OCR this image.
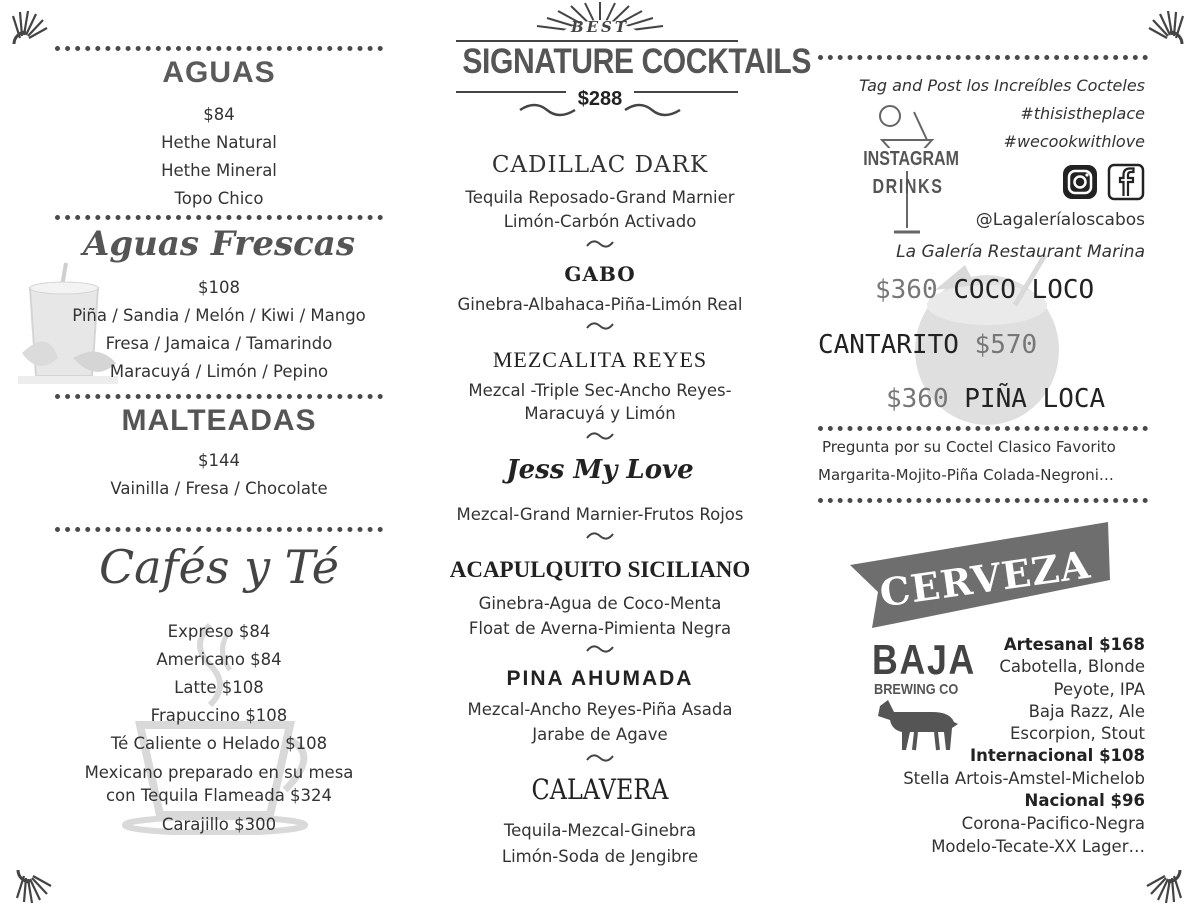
AGUAS
$84
Hethe Natural
Hethe Mineral
Topo Chico
Aguas Frescas
$108
Piña / Sandia / Melón / Kiwi / Mango
Fresa / Jamaica / Tamarindo
Maracuyá / Limón / Pepino
MALTEADAS
$144
Vainilla / Fresa / Chocolate
Cafés y Té
Expreso $84
Americano $84
Latte $108
Frapuccino $108
Té Caliente o Helado $108
Mexicano preparado en su mesa
con Tequila Flameada $324
Carajillo $300
BEST
SIGNATURE COCKTAILS
$288
CADILLAC DARK
Tequila Reposado-Grand Marnier
Limón-Carbón Activado
GABO
Ginebra-Albahaca-Piña-Limón Real
MEZCALITA REYES
Mezcal -Triple Sec-Ancho Reyes-
Maracuyá y Limón
Jess My Love
Mezcal-Grand Marnier-Frutos Rojos
ACAPULQUITO SICILIANO
Ginebra-Agua de Coco-Menta
Float de Averna-Pimienta Negra
PINA AHUMADA
Mezcal-Ancho Reyes-Piña Asada
Jarabe de Agave
CALAVERA
Tequila-Mezcal-Ginebra
Limón-Soda de Jengibre
Tag and Post los Increíbles Cocteles
#thisistheplace
#wecookwithlove
INSTAGRAM
DRINKS
@Lagaleríaloscabos
La Galería Restaurant Marina
$360 COCO LOCO
CANTARITO $570
$360 PIÑA LOCA
Pregunta por su Coctel Clasico Favorito
Margarita-Mojito-Piña Colada-Negroni…
CERVEZA
BAJA
BREWING CO
Artesanal $168
Cabotella, Blonde
Peyote, IPA
Baja Razz, Ale
Escorpion, Stout
Internacional $108
Stella Artois-Amstel-Michelob
Nacional $96
Corona-Pacifico-Negra
Modelo-Tecate-XX Lager…
